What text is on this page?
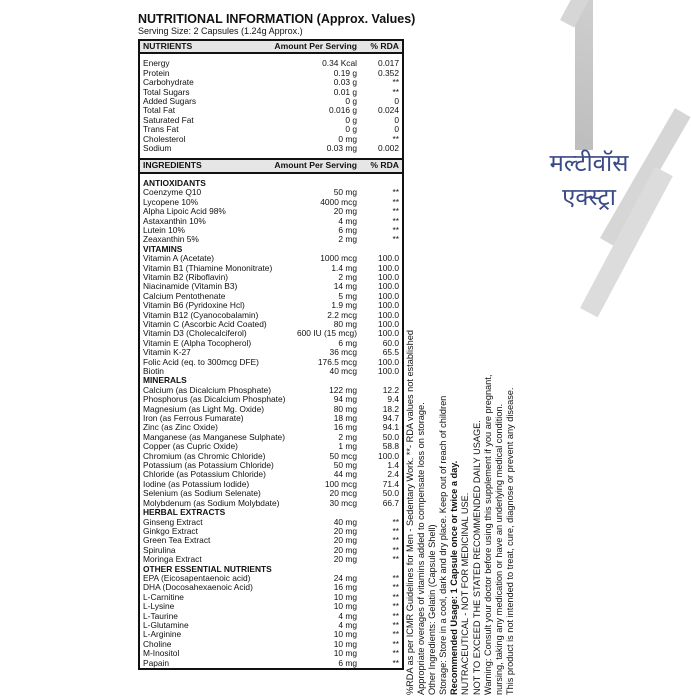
NUTRITIONAL INFORMATION (Approx. Values)
Serving Size: 2 Capsules (1.24g Approx.)
NUTRIENTS	Amount Per Serving	% RDA

Energy	0.34 Kcal	0.017
Protein	0.19 g	0.352
Carbohydrate	0.03 g	**
Total Sugars	0.01 g	**
Added Sugars	0 g	0
Total Fat	0.016 g	0.024
Saturated Fat	0 g	0
Trans Fat	0 g	0
Cholesterol	0 mg	**
Sodium	0.03 mg	0.002

INGREDIENTS	Amount Per Serving	% RDA

ANTIOXIDANTS		
Coenzyme Q10	50 mg	**
Lycopene 10%	4000 mcg	**
Alpha Lipoic Acid 98%	20 mg	**
Astaxanthin 10%	4 mg	**
Lutein 10%	6 mg	**
Zeaxanthin 5%	2 mg	**
VITAMINS		
Vitamin A (Acetate)	1000 mcg	100.0
Vitamin B1 (Thiamine Mononitrate)	1.4 mg	100.0
Vitamin B2 (Riboflavin)	2 mg	100.0
Niacinamide (Vitamin B3)	14 mg	100.0
Calcium Pentothenate	5 mg	100.0
Vitamin B6 (Pyridoxine Hcl)	1.9 mg	100.0
Vitamin B12 (Cyanocobalamin)	2.2 mcg	100.0
Vitamin C (Ascorbic Acid Coated)	80 mg	100.0
Vitamin D3 (Cholecalciferol)	600 IU (15 mcg)	100.0
Vitamin E (Alpha Tocopherol)	6 mg	60.0
Vitamin K-27	36 mcg	65.5
Folic Acid (eq. to 300mcg DFE)	176.5 mcg	100.0
Biotin	40 mcg	100.0
MINERALS		
Calcium (as Dicalcium Phosphate)	122 mg	12.2
Phosphorus (as Dicalcium Phosphate)	94 mg	9.4
Magnesium (as Light Mg. Oxide)	80 mg	18.2
Iron (as Ferrous Fumarate)	18 mg	94.7
Zinc (as Zinc Oxide)	16 mg	94.1
Manganese (as Manganese Sulphate)	2 mg	50.0
Copper (as Cupric Oxide)	1 mg	58.8
Chromium (as Chromic Chloride)	50 mcg	100.0
Potassium (as Potassium Chloride)	50 mg	1.4
Chloride (as Potassium Chloride)	44 mg	2.4
Iodine (as Potassium Iodide)	100 mcg	71.4
Selenium (as Sodium Selenate)	20 mcg	50.0
Molybdenum (as Sodium Molybdate)	30 mcg	66.7
HERBAL EXTRACTS		
Ginseng Extract	40 mg	**
Ginkgo Extract	20 mg	**
Green Tea Extract	20 mg	**
Spirulina	20 mg	**
Moringa Extract	20 mg	**
OTHER ESSENTIAL NUTRIENTS		
EPA (Eicosapentaenoic acid)	24 mg	**
DHA (Docosahexaenoic Acid)	16 mg	**
L-Carnitine	10 mg	**
L-Lysine	10 mg	**
L-Taurine	4 mg	**
L-Glutamine	4 mg	**
L-Arginine	10 mg	**
Choline	10 mg	**
M-Inositol	10 mg	**
Papain	6 mg	**
मल्टीवॉस
एक्स्ट्रा
%RDA as per ICMR Guidelines for Men - Sedentary Work. **- RDA values not established Appropriate overages of vitamins added to compensate loss on storage. Other Ingredients: Gelatin (Capsule Shell) Storage: Store in a cool, dark and dry place. Keep out of reach of children Recommended Usage: 1 Capsule once or twice a day. NUTRACEUTICAL - NOT FOR MEDICINAL USE. NOT TO EXCEED THE STATED RECOMMENDED DAILY USAGE. Warning: Consult your doctor before using this supplement if you are pregnant, nursing, taking any medication or have an underlying medical condition. This product is not intended to treat, cure, diagnose or prevent any disease.
